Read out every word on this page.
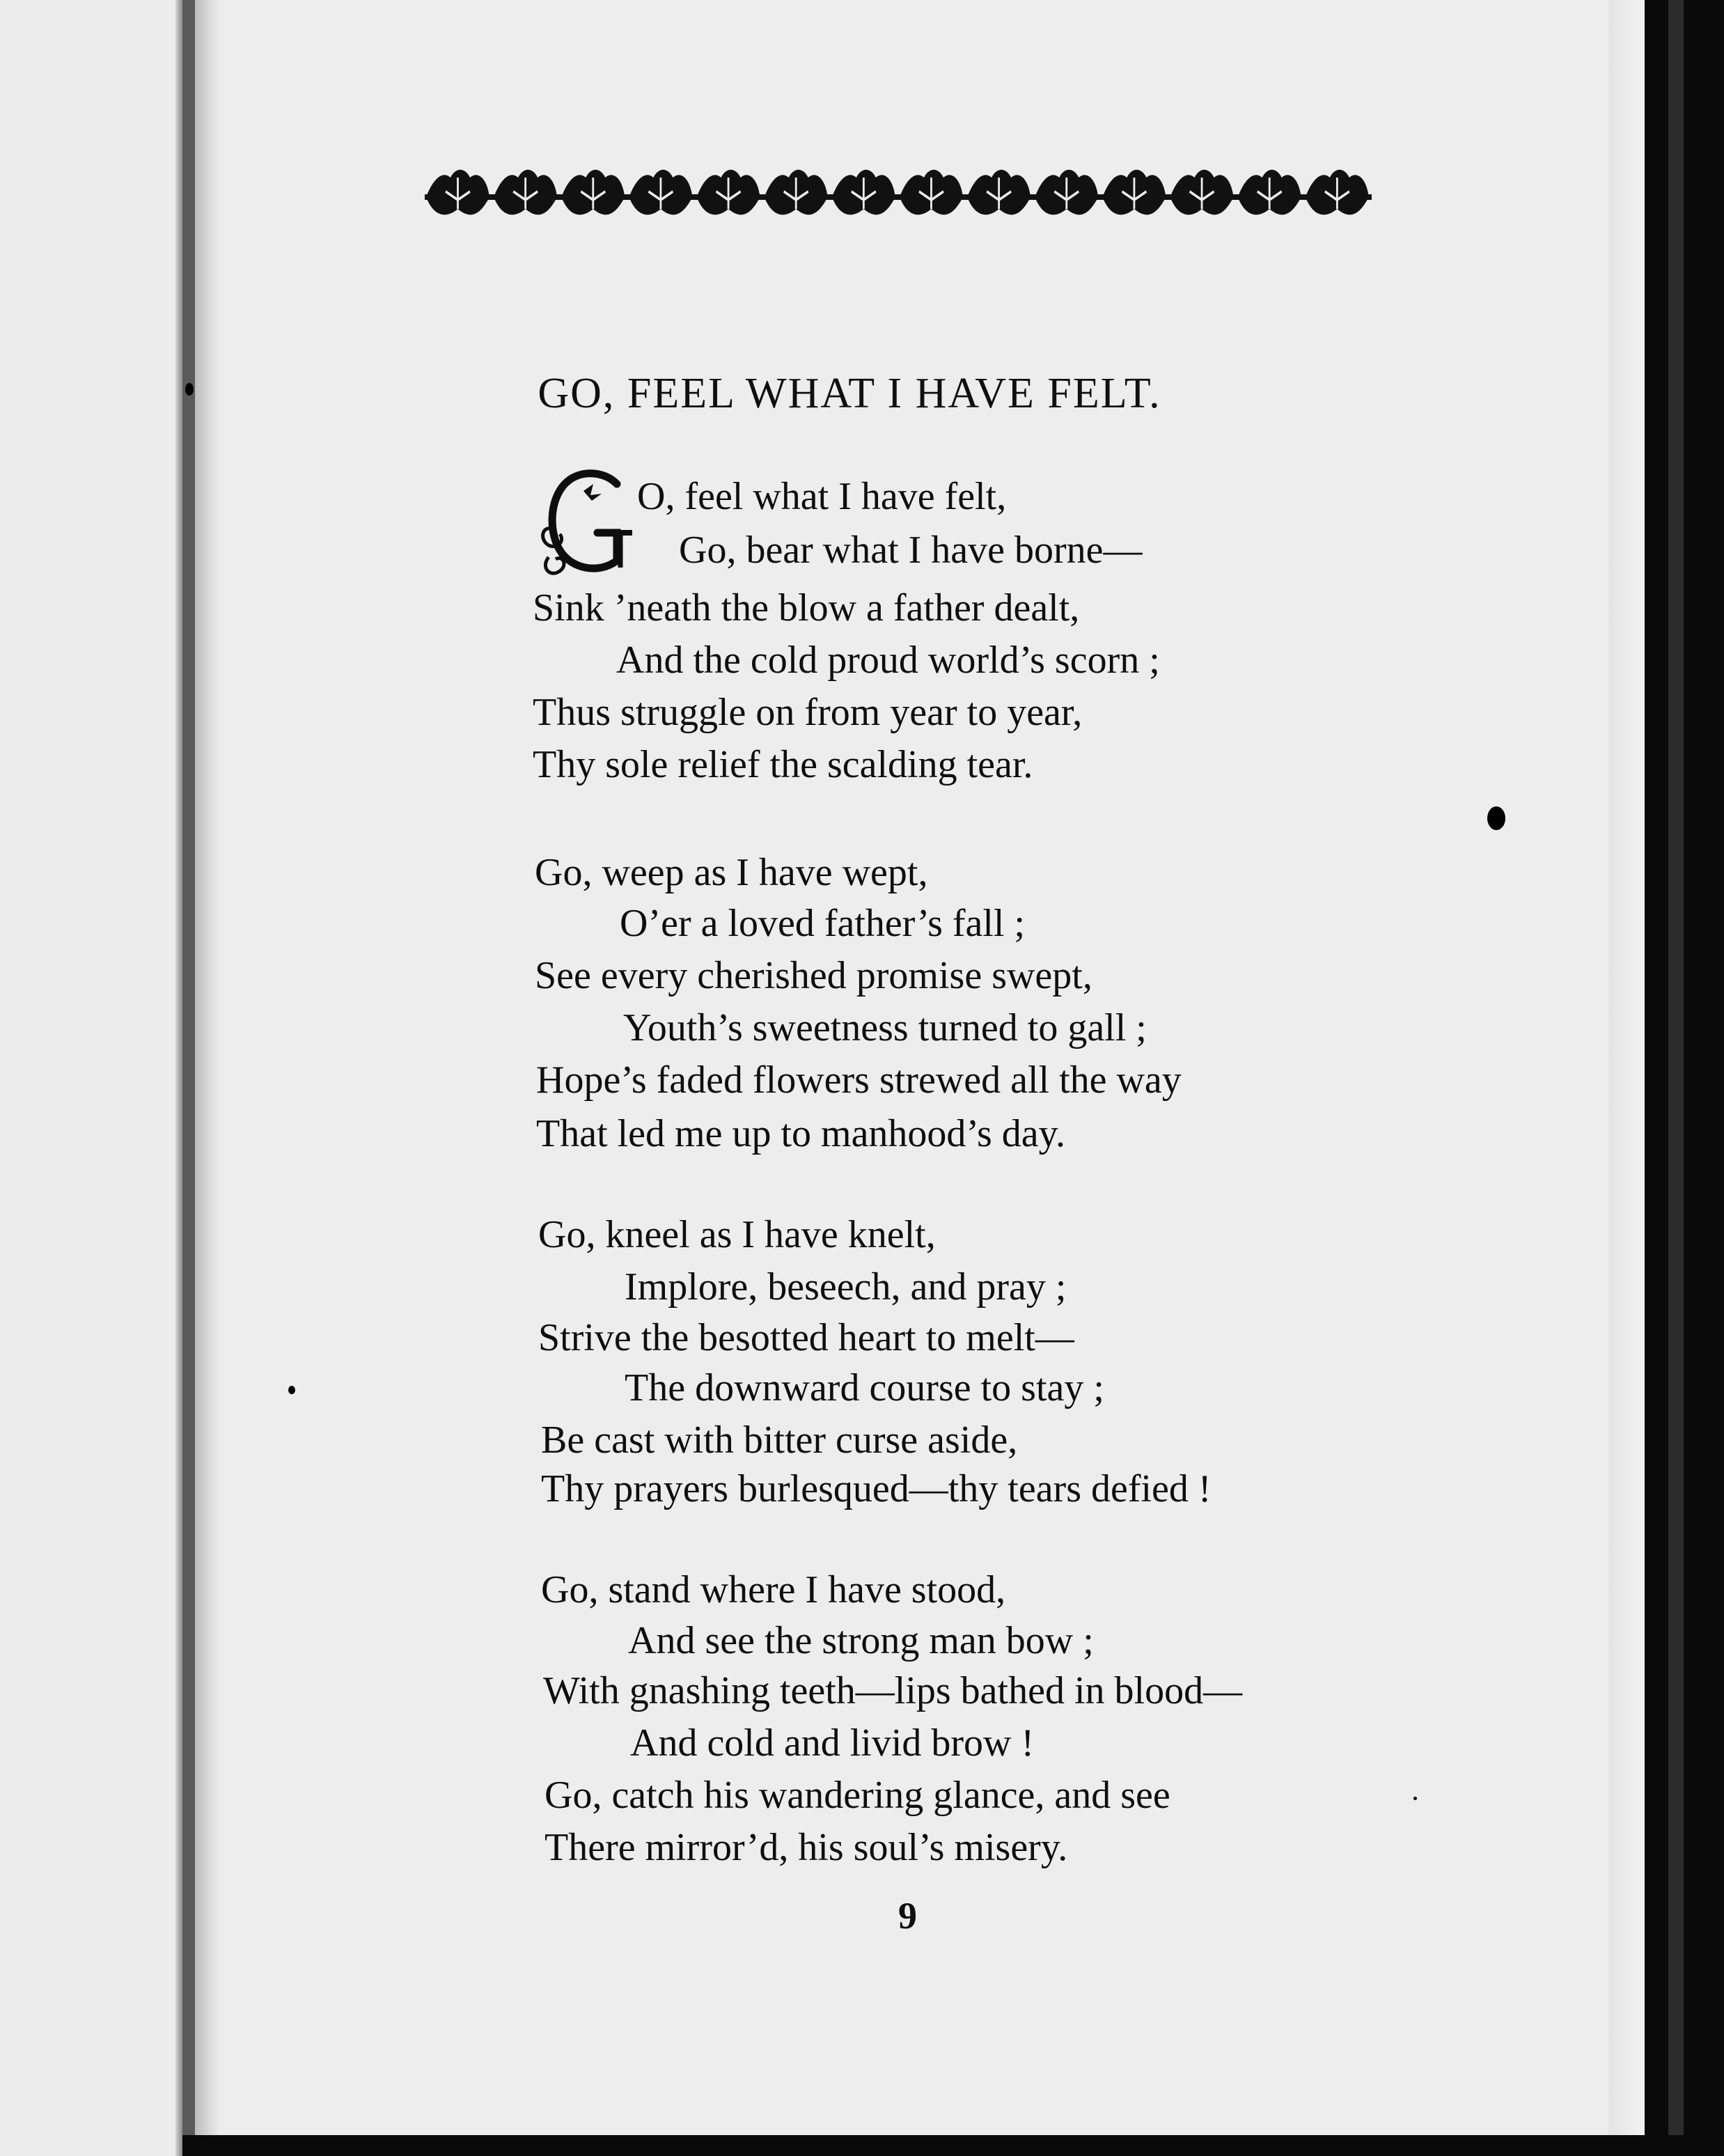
GO, FEEL WHAT I HAVE FELT.
O, feel what I have felt,
Go, bear what I have borne—
Sink ’neath the blow a father dealt,
And the cold proud world’s scorn ;
Thus struggle on from year to year,
Thy sole relief the scalding tear.
Go, weep as I have wept,
O’er a loved father’s fall ;
See every cherished promise swept,
Youth’s sweetness turned to gall ;
Hope’s faded flowers strewed all the way
That led me up to manhood’s day.
Go, kneel as I have knelt,
Implore, beseech, and pray ;
Strive the besotted heart to melt—
The downward course to stay ;
Be cast with bitter curse aside,
Thy prayers burlesqued—thy tears defied !
Go, stand where I have stood,
And see the strong man bow ;
With gnashing teeth—lips bathed in blood—
And cold and livid brow !
Go, catch his wandering glance, and see
There mirror’d, his soul’s misery.
9
